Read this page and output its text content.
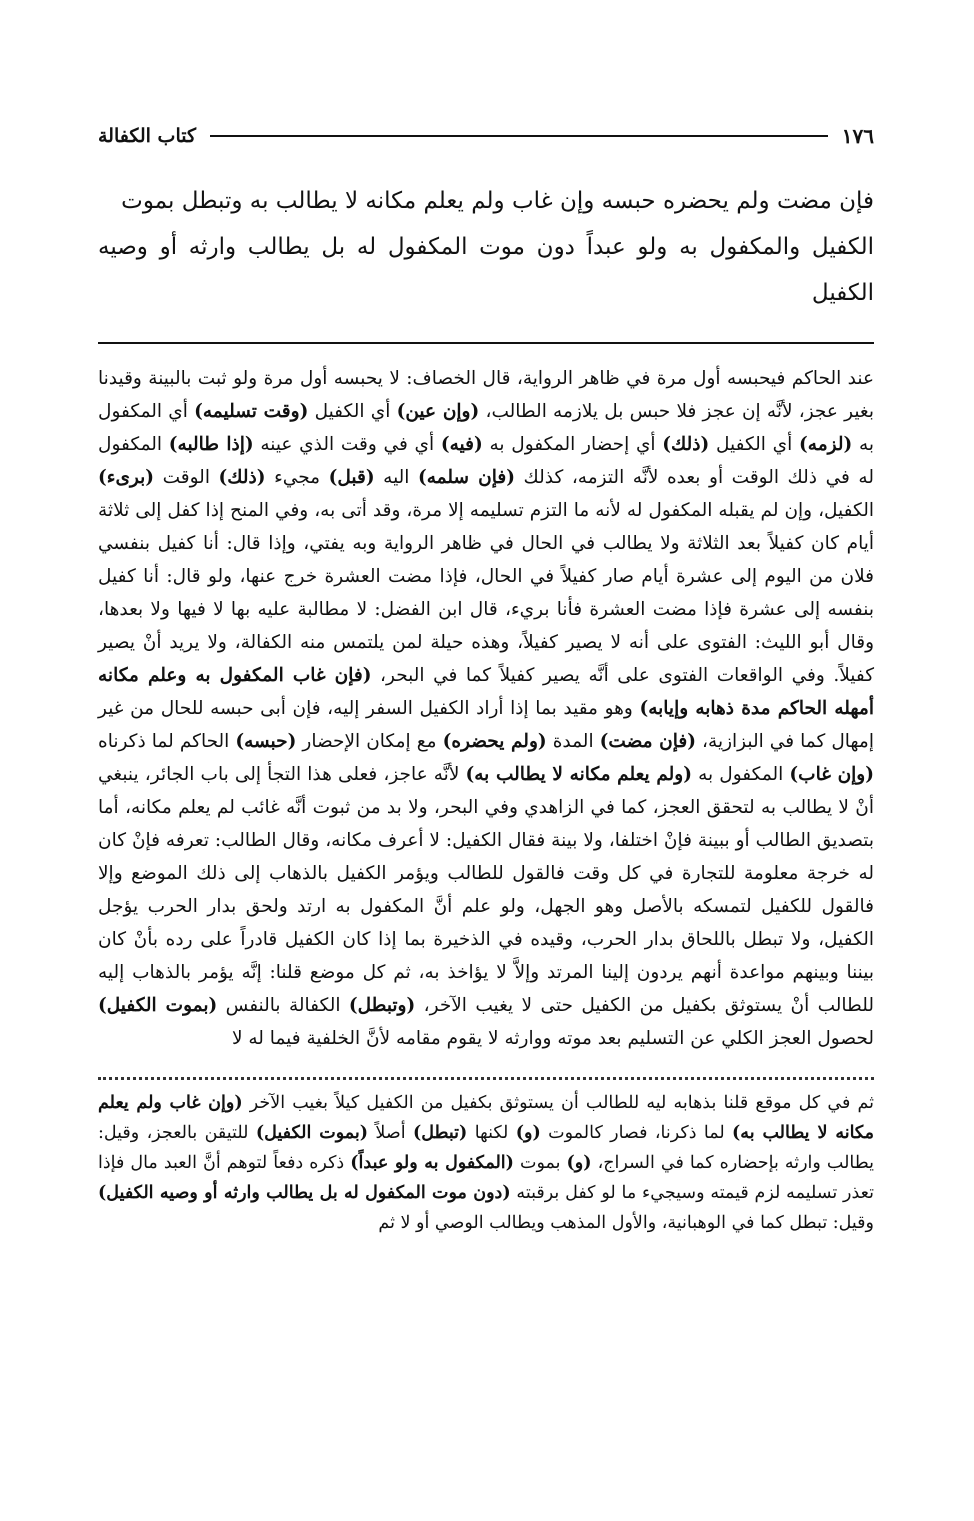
١٧٦
كتاب الكفالة

فإن مضت ولم يحضره حبسه وإن غاب ولم يعلم مكانه لا يطالب به وتبطل بموت

الكفيل والمكفول به ولو عبداً دون موت المكفول له بل يطالب وارثه أو وصيه الكفيل

عند الحاكم فيحبسه أول مرة في ظاهر الرواية، قال الخصاف: لا يحبسه أول مرة ولو ثبت بالبينة وقيدنا بغير عجز، لأنَّه إن عجز فلا حبس بل يلازمه الطالب، (وإن عين) أي الكفيل (وقت تسليمه) أي المكفول به (لزمه) أي الكفيل (ذلك) أي إحضار المكفول به (فيه) أي في وقت الذي عينه (إذا طالبه) المكفول له في ذلك الوقت أو بعده لأنَّه التزمه، كذلك (فإن سلمه) اليه (قبل) مجيء (ذلك) الوقت (برىء) الكفيل، وإن لم يقبله المكفول له لأنه ما التزم تسليمه إلا مرة، وقد أتى به، وفي المنح إذا كفل إلى ثلاثة أيام كان كفيلاً بعد الثلاثة ولا يطالب في الحال في ظاهر الرواية وبه يفتي، وإذا قال: أنا كفيل بنفسي فلان من اليوم إلى عشرة أيام صار كفيلاً في الحال، فإذا مضت العشرة خرج عنها، ولو قال: أنا كفيل بنفسه إلى عشرة فإذا مضت العشرة فأنا بريء، قال ابن الفضل: لا مطالبة عليه بها لا فيها ولا بعدها، وقال أبو الليث: الفتوى على أنه لا يصير كفيلاً، وهذه حيلة لمن يلتمس منه الكفالة، ولا يريد أنْ يصير كفيلاً. وفي الواقعات الفتوى على أنَّه يصير كفيلاً كما في البحر، (فإن غاب المكفول به وعلم مكانه أمهله الحاكم مدة ذهابه وإيابه) وهو مقيد بما إذا أراد الكفيل السفر إليه، فإن أبى حبسه للحال من غير إمهال كما في البزازية، (فإن مضت) المدة (ولم يحضره) مع إمكان الإحضار (حبسه) الحاكم لما ذكرناه (وإن غاب) المكفول به (ولم يعلم مكانه لا يطالب به) لأنَّه عاجز، فعلى هذا التجأ إلى باب الجائر، ينبغي أنْ لا يطالب به لتحقق العجز، كما في الزاهدي وفي البحر، ولا بد من ثبوت أنَّه غائب لم يعلم مكانه، أما بتصديق الطالب أو ببينة فإنْ اختلفا، ولا بينة فقال الكفيل: لا أعرف مكانه، وقال الطالب: تعرفه فإنْ كان له خرجة معلومة للتجارة في كل وقت فالقول للطالب ويؤمر الكفيل بالذهاب إلى ذلك الموضع وإلا فالقول للكفيل لتمسكه بالأصل وهو الجهل، ولو علم أنَّ المكفول به ارتد ولحق بدار الحرب يؤجل الكفيل، ولا تبطل باللحاق بدار الحرب، وقيده في الذخيرة بما إذا كان الكفيل قادراً على رده بأنْ كان بيننا وبينهم مواعدة أنهم يردون إلينا المرتد وإلاَّ لا يؤاخذ به، ثم كل موضع قلنا: إنَّه يؤمر بالذهاب إليه للطالب أنْ يستوثق بكفيل من الكفيل حتى لا يغيب الآخر، (وتبطل) الكفالة بالنفس (بموت الكفيل) لحصول العجز الكلي عن التسليم بعد موته ووارثه لا يقوم مقامه لأنَّ الخلفية فيما له لا

ثم في كل موقع قلنا بذهابه ليه للطالب أن يستوثق بكفيل من الكفيل كيلاً بغيب الآخر (وإن غاب ولم يعلم مكانه لا يطالب به) لما ذكرنا، فصار كالموت (و) لكنها (تبطل) أصلاً (بموت الكفيل) للتيقن بالعجز، وقيل: يطالب وارثه بإحضاره كما في السراج، (و) بموت (المكفول به ولو عبداً) ذكره دفعاً لتوهم أنَّ العبد مال فإذا تعذر تسليمه لزم قيمته وسيجيء ما لو كفل برقبته (دون موت المكفول له بل يطالب وارثه أو وصيه الكفيل) وقيل: تبطل كما في الوهبانية، والأول المذهب ويطالب الوصي أو لا ثم
